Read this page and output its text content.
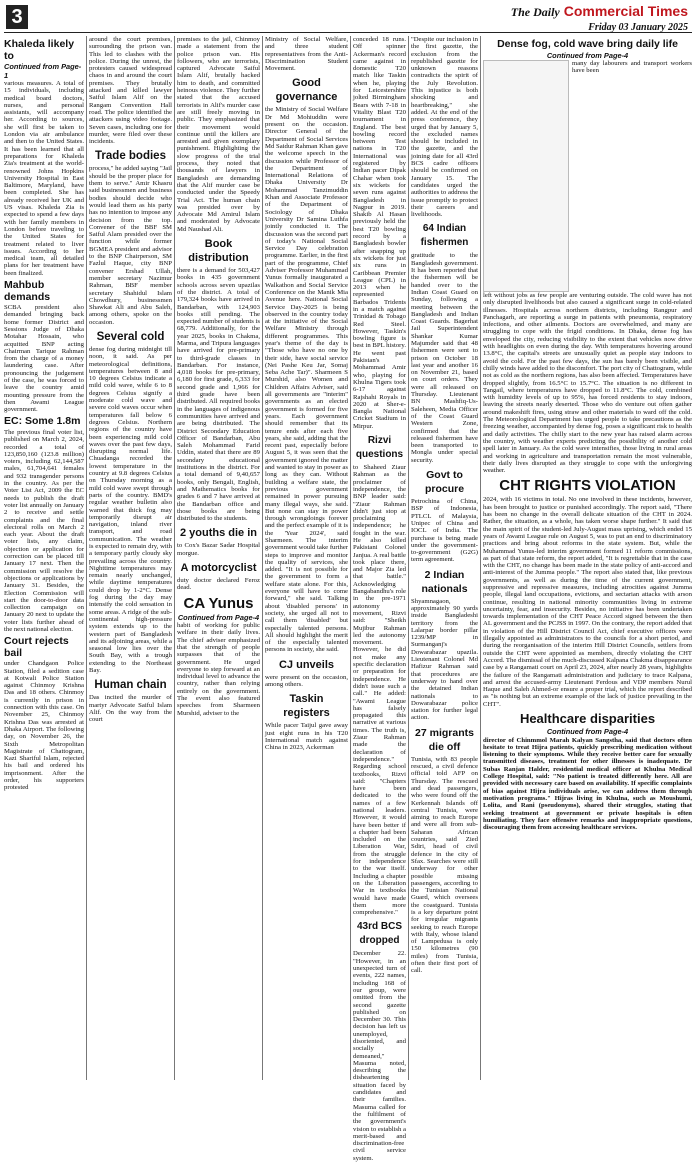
3	The Daily Commercial Times
Friday 03 January 2025
Khaleda likely to
Continued from Page-1

various measures. A total of 15 individuals, including medical board doctors, nurses, and personal assistants, will accompany her. According to sources, she will first be taken to London via air ambulance and then to the United States. It has been learned that all preparations for Khaleda Zia's treatment at the world-renowned Johns Hopkins University Hospital in East Baltimore, Maryland, have been completed. She has already received her UK and US visas. Khaleda Zia is expected to spend a few days with her family members in London before traveling to the United States for treatment related to liver issues. According to her medical team, all detailed plans for her treatment have been finalized.

Mahbub demands

SCBA president also demanded bringing back home former District and Sessions Judge of Dhaka Motahar Hossain, who acquitted BNP acting Chairman Tarique Rahman from the charge of a money laundering case. After pronouncing the judgement of the case, he was forced to leave the country amid mounting pressure from the then Awami League government.

EC: Some 1.8m

The previous final voter list, published on March 2, 2024, recorded a total of 123,850,160 (123.8 million) voters, including 62,144,587 males, 61,704,641 females and 932 transgender persons in the country. As per the Voter List Act, 2009 the EC needs to publish the draft voter list annually on January 2 to receive and settle complaints and the final electoral rolls on March 2 each year. About the draft voter lists, any claim, objection or application for correction can be placed till January 17 next. Then the commission will resolve the objections or applications by January 31. Besides, the Election Commission will start the door-to-door data collection campaign on January 20 next to update the voter lists further ahead of the next national election.

Court rejects bail

under Chandgaon Police Station, filed a sedition case at Kotwali Police Station against Chinmoy Krishna Das and 18 others. Chinmoy is currently in prison in connection with this case. On November 25, Chinmoy Krishna Das was arrested at Dhaka Airport. The following day, on November 26, the Sixth Metropolitan Magistrate of Chattogram, Kazi Shariful Islam, rejected his bail and ordered his imprisonment. After the order, his supporters protested

around the court premises, surrounding the prison van. This led to clashes with the police. During the unrest, the protesters caused widespread chaos in and around the court premises. They brutally attacked and killed lawyer Saiful Islam Alif on the Rangam Convention Hall road. The police identified the attackers using video footage. Seven cases, including one for murder, were filed over these incidents.

Trade bodies

process," he added saying "Jail should be the proper place for them to serve." Amir Khasru said businessmen and business bodies should decide who would lead them as his party has no intention to impose any decision from the top. Convener of the BBF SM Saiful Alam presided over the function while former BGMEA president and advisor to the BNP Chairperson, SM Fazlul Haque, city BNP convener Ershad Ullah, member secretary Nazimur Rahman, BBF member secretary Shahidul Islam Chowdhury, businessmen Shawkat Ali and Abu Saleh, among others, spoke on the occasion.

Several cold

dense fog during midnight till noon, it said. As per meteorological definitions, temperatures between 8 and 10 degrees Celsius indicate a mild cold wave, while 6 to 8 degrees Celsius signify a moderate cold wave and severe cold waves occur when temperatures fall below 6 degrees Celsius. Northern regions of the country have been experiencing mild cold waves over the past few days, disrupting normal life. Chuadanga recorded the lowest temperature in the country at 9.8 degrees Celsius on Thursday morning as a mild cold wave swept through parts of the country. BMD's regular weather bulletin also warned that thick fog may temporarily disrupt air navigation, inland river transport, and road communication. The weather is expected to remain dry, with a temporary partly cloudy sky prevailing across the country. Nighttime temperatures may remain nearly unchanged, while daytime temperatures could drop by 1-2°C. Dense fog during the day may intensify the cold sensation in some areas. A ridge of the sub-continental high-pressure system extends up to the western part of Bangladesh and its adjoining areas, while a seasonal low lies over the South Bay, with a trough extending to the Northeast Bay.

Human chain

Das incited the murder of martyr Advocate Saiful Islam Alif. On the way from the court

premises to the jail, Chinmoy made a statement from the police prison van. His followers, who are terrorists, captured Advocate Saiful Islam Alif, brutally hacked him to death, and committed heinous violence. They further stated that the accused terrorists in Alif's murder case are still freely moving in public. They emphasized that their movement would continue until the killers are arrested and given exemplary punishment. Highlighting the slow progress of the trial process, they noted that thousands of lawyers in Bangladesh are demanding that the Alif murder case be conducted under the Speedy Trial Act. The human chain was presided over by Advocate Md Amirul Islam and moderated by Advocate Md Naushad Ali.

Book distribution

there is a demand for 503,427 books in 435 government schools across seven upazilas of the district. A total of 179,324 books have arrived in Bandarban, with 124,903 books still pending. The expected number of students is 68,779. Additionally, for the year 2025, books in Chakma, Marma, and Tripura languages have arrived for pre-primary to third-grade classes in Bandarban. For instance, 4,018 books for pre-primary, 6,180 for first grade, 6,333 for second grade and 1,966 for third grade have been distributed. All required books in the languages of indigenous communities have arrived and are being distributed. The District Secondary Education Officer of Bandarban, Abu Saleh Mohammad Farid Uddin, stated that there are 89 secondary educational institutions in the district. For a total demand of 9,40,657 books, only Bengali, English, and Mathematics books for grades 6 and 7 have arrived at the Bandarban office and those books are being distributed to the students.

2 youths die in

to Cox's Bazar Sadar Hospital morgue.

A motorcyclist

duty doctor declared Feroz dead.

CA Yunus
Continued from Page-4

habit of working for public welfare in their daily lives. The chief adviser emphasized that the strength of people surpasses that of the government. He urged everyone to step forward at an individual level to advance the country, rather than relying entirely on the government. The event also featured speeches from Sharmeen Murshid, adviser to the

Ministry of Social Welfare, and three student representatives from the Anti-Discrimination Student Movement.

Good governance

the Ministry of Social Welfare Dr Md Mohiuddin were present on the occasion. Director General of the Department of Social Services Md Saidur Rahman Khan gave the welcome speech in the discussion while Professor of the Department of International Relations of Dhaka University Dr Mohammad Tanzimuddin Khan and Associate Professor of the Department of Sociology of Dhaka University Dr Samina Luthfa jointly conducted it. The discussion was the second part of today's National Social Service Day celebration programme. Earlier, in the first part of the programme, Chief Adviser Professor Muhammad Yunus formally inaugurated a Walkathon and Social Service Conference on the Manik Mia Avenue here. National Social Service Day-2025 is being observed in the country today at the initiative of the Social Welfare Ministry through different programmes. This year's theme of the day is "Those who have no one by their side, have social service (Nei Pashe Keu Jar, Somaj Seba Ache Tar)". Sharmeen S Murshid, also Women and Children Affairs Adviser, said all governments are "interim" governments as an elected government is formed for five years. Each government should remember that its tenure ends after each five years, she said, adding that the recent past, especially before August 5, it was seen that the government ignored the matter and wanted to stay in power as long as they can. Without building a welfare state, the previous government remained in power pursuing many illegal ways, she said. But none can stay in power through wrongdoings forever and the perfect example of it is the 'Year 2024', said Sharmeen. The interim government would take further steps to improve and monitor the quality of services, she added. "It is not possible for the government to form a welfare state alone. For this, everyone will have to come forward," she said. Talking about 'disabled persons' in society, she urged all not to call them 'disabled' but especially talented persons. All should highlight the merit of the especially talented persons in society, she said.

CJ unveils

were present on the occasion, among others.

Taskin registers

While pacer Taijul gave away just eight runs in his T20 International match against China in 2023, Ackerman

conceded 18 runs. Off spinner Ackerman's record came against in domestic T20 match like Taskin when he, playing for Leicestershire jolted Birmingham Bears with 7-18 in Vitality Blast T20 tournament in England. The best bowling record between Test nations in T20 International was registered by Indian pacer Dipak Chahar when took six wickets for seven runs against Bangladesh in Nagpur in 2019. Shakib Al Hasan previously held the best T20 bowling record by a Bangladesh bowler after snapping up six wickets for just six runs in Caribbean Premier League (CPL) in 2013 when he represented Barbados Tridents in a match against Trinidad & Tobago Red Steel. However, Taskin's bowling figure is best in BPL history. He went past Pakistan's Mohammad Amir who, playing for Khulna Tigers took 6-17 against Rajshahi Royals in 2020 at Sher-e-Bangla National Cricket Stadium in Mirpur.

Rizvi questions

to Shaheed Ziaur Rahman as the proclaimer of independence, the BNP leader said: "Ziaur Rahman didn't just stop at proclaiming independence; he fought in the war. He also killed Pakistani Colonel Janjua. A real battle took place there, and Major Zia led that battle." Acknowledging Bangabandhu's role in the pre-1971 autonomy movement, Rizvi said: "Sheikh Mujibur Rahman led the autonomy movement. However, he did not make any specific declaration or preparation for independence. He didn't issue such a call." He added: "Awami League has falsely propagated this narrative at various times. The truth is, Ziaur Rahman made the declaration of independence." Regarding school textbooks, Rizvi said: "Chapters have been dedicated to the names of a few national leaders. However, it would have been better if a chapter had been included on the Liberation War, from the struggle for independence to the war itself. Including a chapter on the Liberation War in textbooks would have made them more comprehensive."

43rd BCS dropped

December 22. "However, in an unexpected turn of events, 222 names, including 168 of our group, were omitted from the second gazette published on December 30. This decision has left us unemployed, disoriented, and socially demeaned," Masuma noted, describing the disheartening situation faced by candidates and their families. Masuma called for the fulfilment of the government's vision to establish a merit-based and discrimination-free civil service system.

"Despite our inclusion in the first gazette, the exclusion from the republished gazette for unknown reasons contradicts the spirit of the July Revolution. This injustice is both shocking and heartbreaking," she added. At the end of the press conference, they urged that by January 5, the excluded names should be included in the gazette, and the joining date for all 43rd BCS cadre officers should be confirmed on January 15. The candidates urged the authorities to address the issue promptly to protect their careers and livelihoods.

64 Indian fishermen

gratitude to the Bangladesh government. It has been reported that the fishermen will be handed over to the Indian Coast Guard on Sunday, following a meeting between the Bangladesh and Indian Coast Guards. Bagerhat Jail Superintendent Shankar Kumar Majumder said that 48 fishermen were sent to prison on October 18 last year and another 16 on November 21, based on court orders. They were all released on Thursday. Lieutenant BN Mashfiq-Us-Saleheen, Media Officer of the Coast Guard Western Zone, confirmed that the released fishermen have been transported to Mongla under special security.

Govt to procure

Petrochina of China, BSP of Indonesia, PTLCL of Malaysia, Unipec of China and IOCL of India. The purchase is being made under the government-to-government (G2G) term agreement.

2 Indian nationals

Shyamnagaon, approximately 90 yards inside Bangladeshi territory from the Lalarpar border pillar 1239/MP in Surmanganj's Dowarabazar upazila. Lieutenant Colonel Md Hafizur Rahman said that procedures are underway to hand over the detained Indian nationals to Dowarabazar police station for further legal action.

27 migrants die off

Tunisia, with 83 people rescued, a civil defence official told AFP on Thursday. The rescued and dead passengers, who were found off the Kerkennah Islands off central Tunisia, were aiming to reach Europe and were all from sub-Saharan African countries, said Zied Sdiri, head of civil defence in the city of Sfax. Searches were still underway for other possible missing passengers, according to the Tunisian National Guard, which oversees the coastguard. Tunisia is a key departure point for irregular migrants seeking to reach Europe with Italy, whose island of Lampedusa is only 150 kilometres (90 miles) from Tunisia, often their first port of call.

Dense fog, cold wave bring daily life
Continued from Page-4

many day labourers and transport workers have been

left without jobs as few people are venturing outside. The cold wave has not only disrupted livelihoods but also caused a significant surge in cold-related illnesses. Hospitals across northern districts, including Rangpur and Panchagarh, are reporting a surge in patients with pneumonia, respiratory infections, and other ailments. Doctors are overwhelmed, and many are struggling to cope with the frigid conditions. In Dhaka, dense fog has enveloped the city, reducing visibility to the extent that vehicles now drive with headlights on even during the day. With temperatures hovering around 13.8°C, the capital's streets are unusually quiet as people stay indoors to avoid the cold. For the past few days, the sun has barely been visible, and chilly winds have added to the discomfort. The port city of Chattogram, while not as cold as the northern regions, has also been affected. Temperatures have dropped slightly, from 16.5°C to 15.7°C. The situation is no different in Tangail, where temperatures have dropped to 11.8°C. The cold, combined with humidity levels of up to 95%, has forced residents to stay indoors, leaving the streets nearly deserted. Those who do venture out often gather around makeshift fires, using straw and other materials to ward off the cold. The Meteorological Department has urged people to take precautions as the freezing weather, accompanied by dense fog, poses a significant risk to health and daily activities. The chilly start to the new year has raised alarm across the country, with weather experts predicting the possibility of another cold spell later in January. As the cold wave intensifies, those living in rural areas and working in agriculture and transportation remain the most vulnerable, their daily lives disrupted as they struggle to cope with the unforgiving weather.

CHT RIGHTS VIOLATION

2024, with 16 victims in total. No one involved in these incidents, however, has been brought to justice or punished accordingly. The report said, "There has been no change in the overall delicate situation of the CHT in 2024. Rather, the situation, as a whole, has taken worse shape further." It said that the main spirit of the student-led July-August mass uprising, which ended 15 years of Awami League rule on August 5, was to put an end to discriminatory practices and bring about reforms in the state system. But, while the Muhammad Yunus-led interim government formed 11 reform commissions, as part of that state reform, the report added, "It is regrettable that in the case with the CHT, no change has been made in the state policy of anti-accord and anti-interest of the Jumma people." The report also stated that, like previous governments, as well as during the time of the current government, suppressive and repressive measures, including atrocities against Jumma people, illegal land occupations, evictions, and sectarian attacks with arson continue, resulting in national minority communities living in extreme uncertainty, fear, and insecurity. Besides, no initiative has been undertaken towards implementation of the CHT Peace Accord signed between the then AL government and the PCJSS in 1997. On the contrary, the report added that in violation of the Hill District Council Act, chief executive officers were illegally appointed as administrators to the councils for a short period, and during the reorganisation of the interim Hill District Councils, settlers from outside the CHT were appointed as members, directly violating the CHT Accord. The dismissal of the much-discussed Kalpana Chakma disappearance case by a Rangamati court on April 23, 2024, after nearly 28 years, highlights the failure of the Rangamati administration and judiciary to trace Kalpana, and arrest the accused-army Lieutenant Ferdous and VDP members Nurul Haque and Saleh Ahmed-or ensure a proper trial, which the report described as "is nothing but an extreme example of the lack of justice prevailing in the CHT".

Healthcare disparities
Continued from Page-4

director of Chinmmol Marah Kalyan Sangstha, said that doctors often hesitate to treat Hijra patients, quickly prescribing medication without listening to their symptoms. While they receive better care for sexually transmitted diseases, treatment for other illnesses is inadequate. Dr Subas Ranjan Halder, residential medical officer at Khulna Medical College Hospital, said: "No patient is treated differently here. All are provided with necessary care based on availability. If specific complaints of bias against Hijra individuals arise, we can address them through motivation programs." Hijras living in Khulna, such as Moushumi, Lolita, and Rani (pseudonyms), shared their struggles, stating that seeking treatment at government or private hospitals is often humiliating. They face offensive remarks and inappropriate questions, discouraging them from accessing healthcare services.
